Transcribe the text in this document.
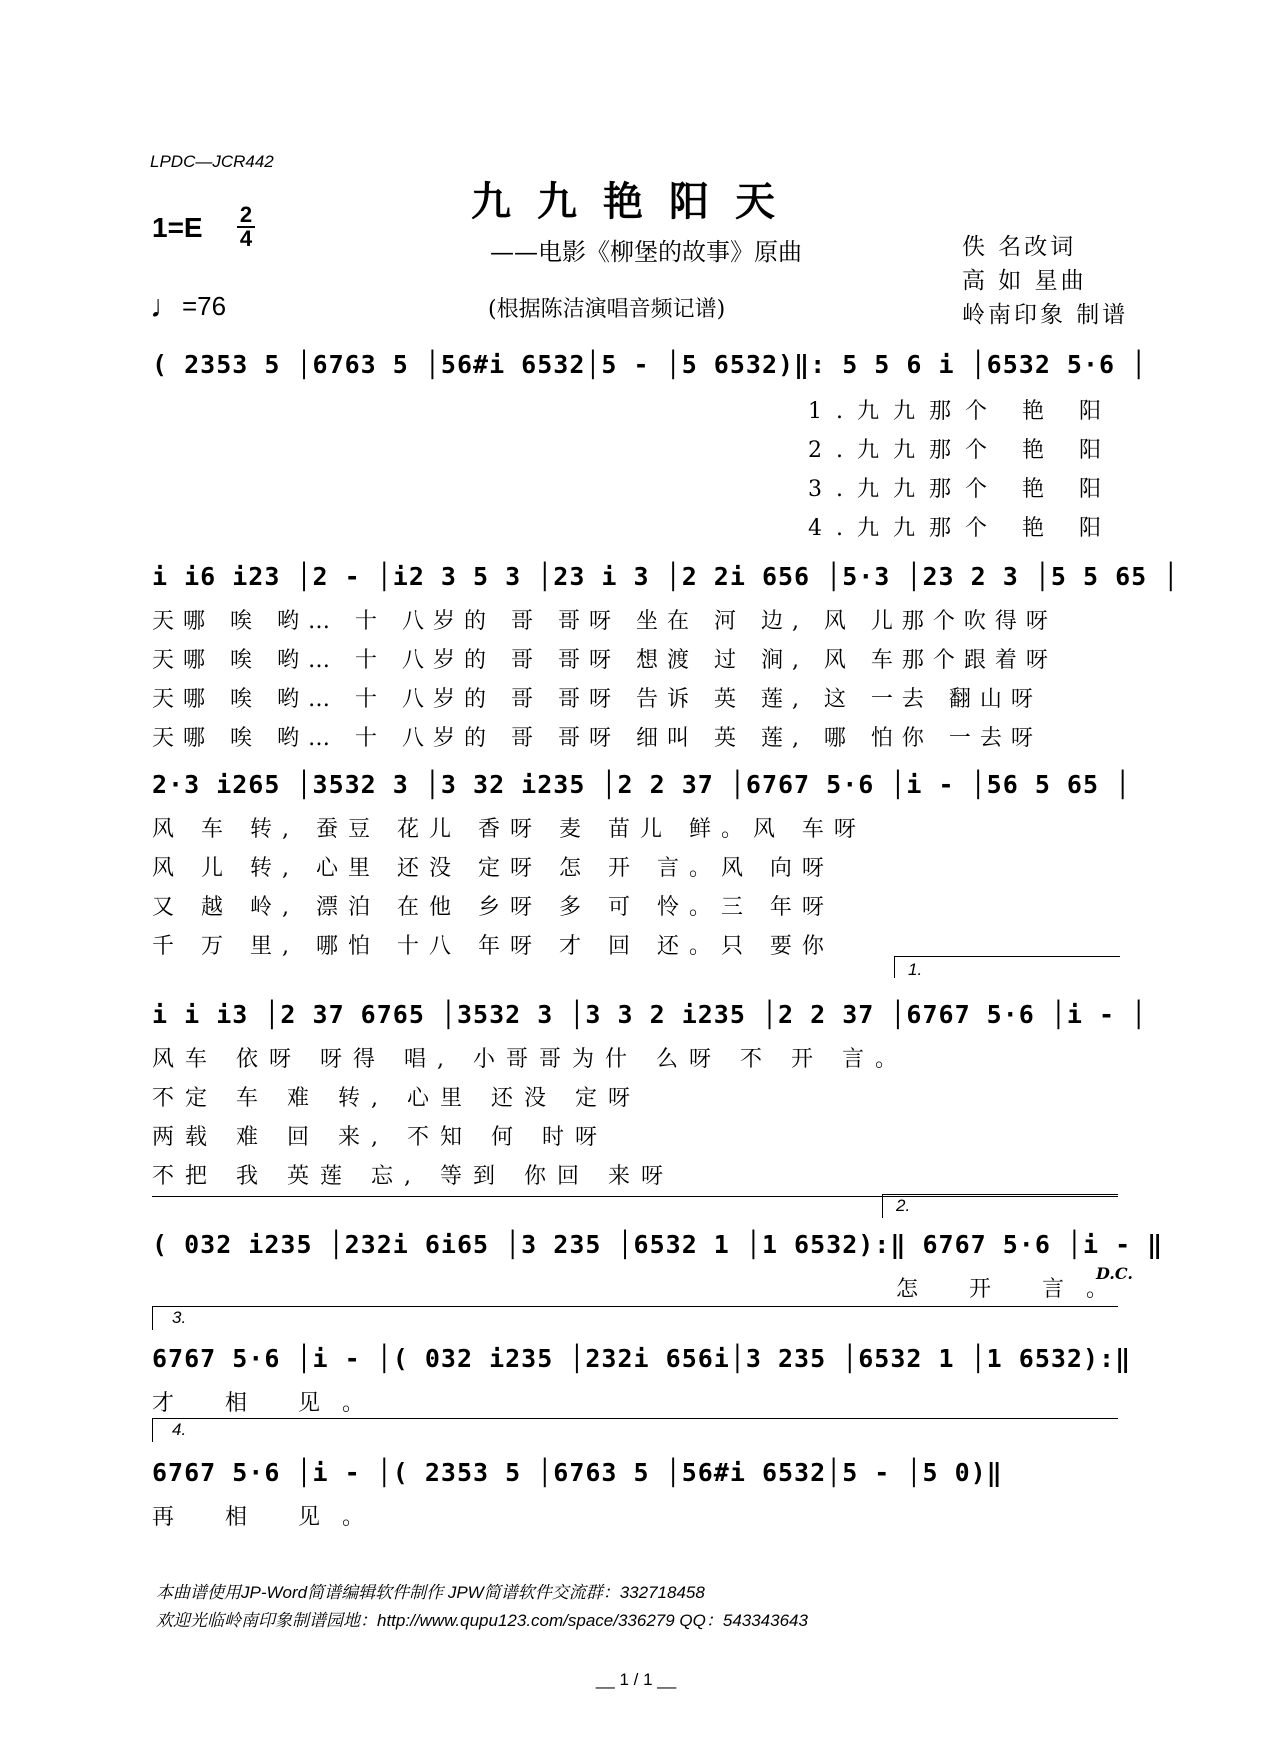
LPDC—JCR442
九九艳阳天
——电影《柳堡的故事》原曲
(根据陈洁演唱音频记谱)
佚 名改词
高 如 星曲
岭南印象 制谱
1=E 2
4
♩=76
( 2353 5 │6763 5 │56#i 6532│5 - │5 6532)‖: 5 5 6 i │6532 5·6 │
1.九九那个 艳 阳
2.九九那个 艳 阳
3.九九那个 艳 阳
4.九九那个 艳 阳
i i6 i23 │2 - │i2 3 5 3 │23 i 3 │2 2i 656 │5·3 │23 2 3 │5 5 65 │
天哪 唉 哟… 十 八岁的 哥 哥呀 坐在 河 边, 风 儿那个吹得呀
天哪 唉 哟… 十 八岁的 哥 哥呀 想渡 过 涧, 风 车那个跟着呀
天哪 唉 哟… 十 八岁的 哥 哥呀 告诉 英 莲, 这 一去 翻山呀
天哪 唉 哟… 十 八岁的 哥 哥呀 细叫 英 莲, 哪 怕你 一去呀
2·3 i265 │3532 3 │3 32 i235 │2 2 37 │6767 5·6 │i - │56 5 65 │
风 车 转, 蚕豆 花儿 香呀 麦 苗儿 鲜。风 车呀
风 儿 转, 心里 还没 定呀 怎 开 言。风 向呀
又 越 岭, 漂泊 在他 乡呀 多 可 怜。三 年呀
千 万 里, 哪怕 十八 年呀 才 回 还。只 要你
1.
i i i3 │2 37 6765 │3532 3 │3 3 2 i235 │2 2 37 │6767 5·6 │i - │
风车 依呀 呀得 唱, 小哥哥为什 么呀 不 开 言。
不定 车 难 转, 心里 还没 定呀
两载 难 回 来, 不知 何 时呀
不把 我 英莲 忘, 等到 你回 来呀
2.
( 032 i235 │232i 6i65 │3 235 │6532 1 │1 6532):‖ 6767 5·6 │i - ‖
怎 开 言。
D.C.
3.
6767 5·6 │i - │( 032 i235 │232i 656i│3 235 │6532 1 │1 6532):‖
才 相 见。
4.
6767 5·6 │i - │( 2353 5 │6763 5 │56#i 6532│5 - │5 0)‖
再 相 见。
本曲谱使用JP-Word简谱编辑软件制作 JPW简谱软件交流群：332718458
欢迎光临岭南印象制谱园地：http://www.qupu123.com/space/336279 QQ：543343643
__ 1 / 1 __
